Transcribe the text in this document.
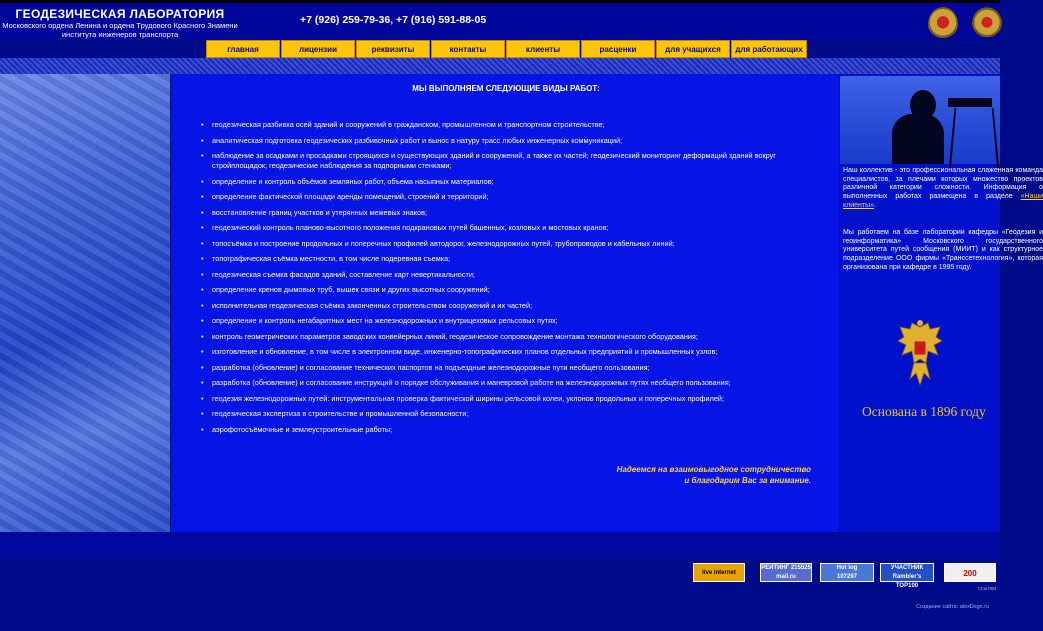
ГЕОДЕЗИЧЕСКАЯ ЛАБОРАТОРИЯ
Московского ордена Ленина и ордена Трудового Красного Знамени
института инженеров транспорта
+7 (926) 259-79-36, +7 (916) 591-88-05
главная	лицензии	реквизиты	контакты	клиенты	расценки	для учащихся	для работающих
МЫ ВЫПОЛНЯЕМ СЛЕДУЮЩИЕ ВИДЫ РАБОТ:
• геодезическая разбивка осей зданий и сооружений в гражданском, промышленном и транспортном строительстве;
• аналитическая подготовка геодезических разбивочных работ и вынос в натуру трасс любых инженерных коммуникаций;
• наблюдение за осадками и просадками строящихся и существующих зданий и сооружений, а также их частей; геодезический мониторинг деформаций зданий вокруг стройплощадок; геодезические наблюдения за подпорными стенками;
• определение и контроль объёмов земляных работ, объема насыпных материалов;
• определение фактической площади аренды помещений, строений и территорий;
• восстановление границ участков и утерянных межевых знаков;
• геодезический контроль планово-высотного положения подкрановых путей башенных, козловых и мостовых кранов;
• топосъёмка и построение продольных и поперечных профилей автодорог, железнодорожных путей, трубопроводов и кабельных линий;
• топографическая съёмка местности, в том числе подеревная съемка;
• геодезическая съемка фасадов зданий, составление карт невертикальности;
• определение кренов дымовых труб, вышек связи и других высотных сооружений;
• исполнительная геодезическая съёмка законченных строительством сооружений и их частей;
• определение и контроль негабаритных мест на железнодорожных и внутрицеховых рельсовых путях;
• контроль геометрических параметров заводских конвейерных линий, геодезическое сопровождение монтажа технологического оборудования;
• изготовление и обновление, в том числе в электронном виде, инженерно-топографических планов отдельных предприятий и промышленных узлов;
• разработка (обновление) и согласование технических паспортов на подъездные железнодорожные пути необщего пользования;
• разработка (обновление) и согласование инструкций о порядке обслуживания и маневровой работе на железнодорожных путях необщего пользования;
• геодезия железнодорожных путей: инструментальная проверка фактической ширины рельсовой колеи, уклонов продольных и поперечных профилей;
• геодезическая экспертиза в строительстве и промышленной безопасности;
• аэрофотосъёмочные и землеустроительные работы;
Надеемся на взаимовыгодное сотрудничество
и благодарим Вас за внимание.
Наш коллектив - это профессиональная слаженная команда специалистов, за плечами которых множество проектов различной категории сложности. Информация о выполненных работах размещена в разделе «Наши клиенты».
Мы работаем на базе лаборатории кафедры «Геодезия и геоинформатика» Московского государственного университета путей сообщения (МИИТ) и как структурное подразделение ООО фирмы «Транссетехнология», которая организована при кафедре в 1995 году.
Основана в 1896 году
live internet
РЕЙТИНГ 215525
mail.ru
Hot log
107297
УЧАСТНИК
Rambler's TOP100
200
ссылки
Создание сайта: alexDsgn.ru
